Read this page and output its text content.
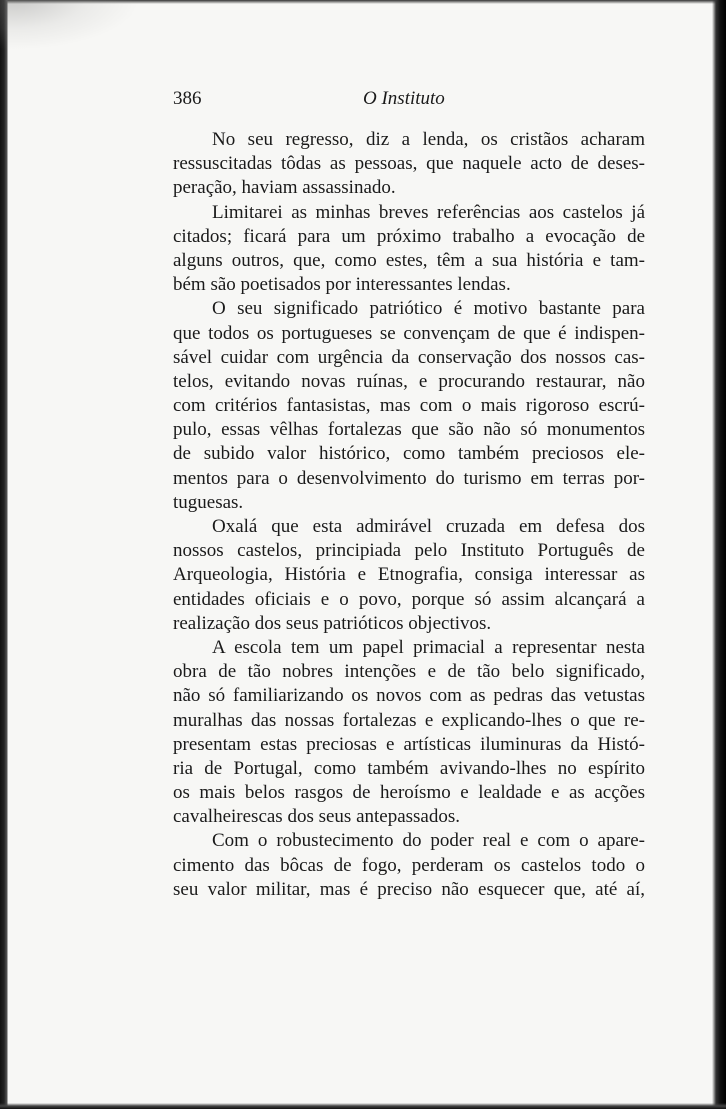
386	O Instituto
No seu regresso, diz a lenda, os cristãos acharam
ressuscitadas tôdas as pessoas, que naquele acto de deses-
peração, haviam assassinado.
Limitarei as minhas breves referências aos castelos já
citados; ficará para um próximo trabalho a evocação de
alguns outros, que, como estes, têm a sua história e tam-
bém são poetisados por interessantes lendas.
O seu significado patriótico é motivo bastante para
que todos os portugueses se convençam de que é indispen-
sável cuidar com urgência da conservação dos nossos cas-
telos, evitando novas ruínas, e procurando restaurar, não
com critérios fantasistas, mas com o mais rigoroso escrú-
pulo, essas vêlhas fortalezas que são não só monumentos
de subido valor histórico, como também preciosos ele-
mentos para o desenvolvimento do turismo em terras por-
tuguesas.
Oxalá que esta admirável cruzada em defesa dos
nossos castelos, principiada pelo Instituto Português de
Arqueologia, História e Etnografia, consiga interessar as
entidades oficiais e o povo, porque só assim alcançará a
realização dos seus patrióticos objectivos.
A escola tem um papel primacial a representar nesta
obra de tão nobres intenções e de tão belo significado,
não só familiarizando os novos com as pedras das vetustas
muralhas das nossas fortalezas e explicando-lhes o que re-
presentam estas preciosas e artísticas iluminuras da Histó-
ria de Portugal, como também avivando-lhes no espírito
os mais belos rasgos de heroísmo e lealdade e as acções
cavalheirescas dos seus antepassados.
Com o robustecimento do poder real e com o apare-
cimento das bôcas de fogo, perderam os castelos todo o
seu valor militar, mas é preciso não esquecer que, até aí,
